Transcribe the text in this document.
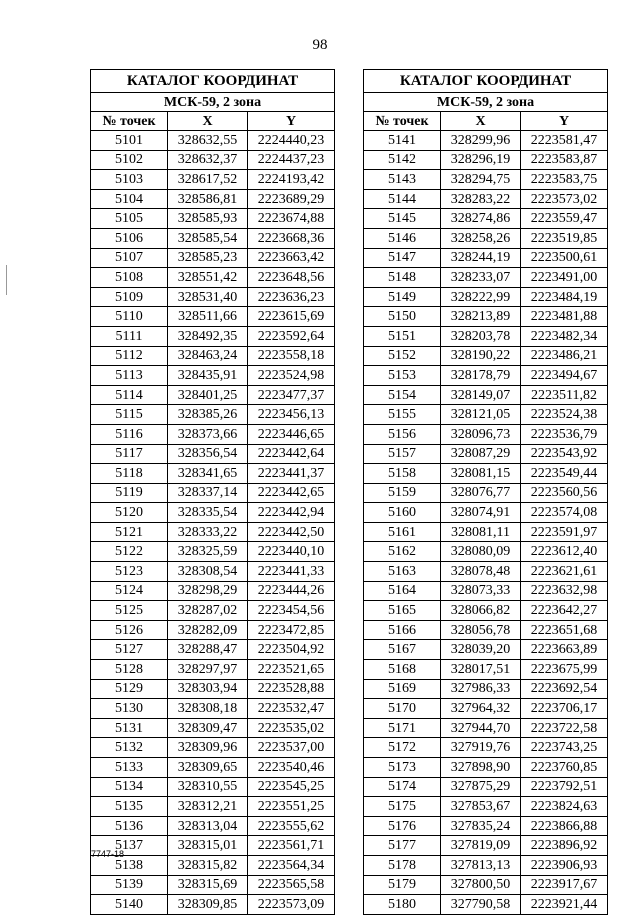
98
КАТАЛОГ КООРДИНАТ		
МСК-59, 2 зона		
№ точек	X	Y
5101	328632,55	2224440,23
5102	328632,37	2224437,23
5103	328617,52	2224193,42
5104	328586,81	2223689,29
5105	328585,93	2223674,88
5106	328585,54	2223668,36
5107	328585,23	2223663,42
5108	328551,42	2223648,56
5109	328531,40	2223636,23
5110	328511,66	2223615,69
5111	328492,35	2223592,64
5112	328463,24	2223558,18
5113	328435,91	2223524,98
5114	328401,25	2223477,37
5115	328385,26	2223456,13
5116	328373,66	2223446,65
5117	328356,54	2223442,64
5118	328341,65	2223441,37
5119	328337,14	2223442,65
5120	328335,54	2223442,94
5121	328333,22	2223442,50
5122	328325,59	2223440,10
5123	328308,54	2223441,33
5124	328298,29	2223444,26
5125	328287,02	2223454,56
5126	328282,09	2223472,85
5127	328288,47	2223504,92
5128	328297,97	2223521,65
5129	328303,94	2223528,88
5130	328308,18	2223532,47
5131	328309,47	2223535,02
5132	328309,96	2223537,00
5133	328309,65	2223540,46
5134	328310,55	2223545,25
5135	328312,21	2223551,25
5136	328313,04	2223555,62
5137	328315,01	2223561,71
5138	328315,82	2223564,34
5139	328315,69	2223565,58
5140	328309,85	2223573,09
КАТАЛОГ КООРДИНАТ		
МСК-59, 2 зона		
№ точек	X	Y
5141	328299,96	2223581,47
5142	328296,19	2223583,87
5143	328294,75	2223583,75
5144	328283,22	2223573,02
5145	328274,86	2223559,47
5146	328258,26	2223519,85
5147	328244,19	2223500,61
5148	328233,07	2223491,00
5149	328222,99	2223484,19
5150	328213,89	2223481,88
5151	328203,78	2223482,34
5152	328190,22	2223486,21
5153	328178,79	2223494,67
5154	328149,07	2223511,82
5155	328121,05	2223524,38
5156	328096,73	2223536,79
5157	328087,29	2223543,92
5158	328081,15	2223549,44
5159	328076,77	2223560,56
5160	328074,91	2223574,08
5161	328081,11	2223591,97
5162	328080,09	2223612,40
5163	328078,48	2223621,61
5164	328073,33	2223632,98
5165	328066,82	2223642,27
5166	328056,78	2223651,68
5167	328039,20	2223663,89
5168	328017,51	2223675,99
5169	327986,33	2223692,54
5170	327964,32	2223706,17
5171	327944,70	2223722,58
5172	327919,76	2223743,25
5173	327898,90	2223760,85
5174	327875,29	2223792,51
5175	327853,67	2223824,63
5176	327835,24	2223866,88
5177	327819,09	2223896,92
5178	327813,13	2223906,93
5179	327800,50	2223917,67
5180	327790,58	2223921,44
7747-18
